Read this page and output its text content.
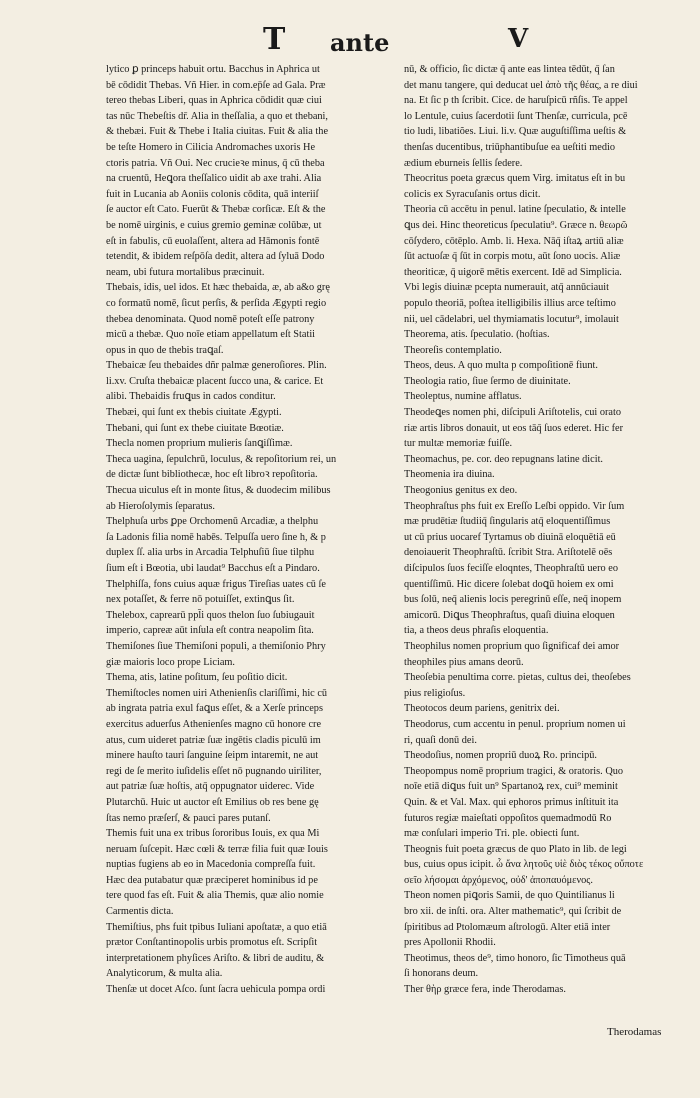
T ante	V
lytico ꝑ princeps habuit ortu. Bacchus in Aphrica ut
bē cōdidit Thebas. Vñ Hier. in com.ep̄ſe ad Gala. Præ
tereo thebas Liberi, quas in Aphrica cōdidit quæ ciui
tas nūc Thebeſtis dr̄. Alia in theſſalia, a quo et thebani,
& thebæi. Fuit & Thebe i Italia ciuitas. Fuit & alia the
be teſte Homero in Cilicia Andromaches uxoris He
ctoris patria. Vñ Oui. Nec crucieꝛe minus, q̄ cū theba
na cruentū, Heꝗora theſſalico uidit ab axe trahi. Alia
fuit in Lucania ab Aoniis colonis cōdita, quā interiiſ
ſe auctor eſt Cato. Fuerūt & Thebæ corſicæ. Eſt & the
be nomē uirginis, e cuius gremio geminæ colūbæ, ut
eſt in fabulis, cū euolaſſent, altera ad Hāmonis fontē
tetendit, & ibidem reſpōſa dedit, altera ad ſyluā Dodo
neam, ubi futura mortalibus præcinuit.
Thebais, idis, uel idos. Et hæc thebaida, æ, ab a&o grę
co formatū nomē, ſicut perſis, & perſida Ægypti regio
thebea denominata. Quod nomē poteſt eſſe patrony
micū a thebæ. Quo noīe etiam appellatum eſt Statii
opus in quo de thebis traꝗaſ.
Thebaicæ ſeu thebaides dñr palmæ generoſiores. Plin.
li.xv. Cruſta thebaicæ placent ſucco una, & carice. Et
alibi. Thebaidis fruꝗus in cados conditur.
Thebæi, qui ſunt ex thebis ciuitate Ægypti.
Thebani, qui ſunt ex thebe ciuitate Bœotiæ.
Thecla nomen proprium mulieris ſanꝗiſſimæ.
Theca uagina, ſepulchrū, loculus, & repoſitorium rei, un
de dictæ ſunt bibliothecæ, hoc eſt libroꝛ repoſitoria.
Thecua uiculus eſt in monte ſitus, & duodecim milibus
ab Hieroſolymis ſeparatus.
Thelphuſa urbs ꝑpe Orchomenū Arcadiæ, a thelphu
ſa Ladonis filia nomē habēs. Telpuſſa uero ſine h, & p
duplex ſſ. alia urbs in Arcadia Telphuſiū ſiue tilphu
ſium eſt i Bœotia, ubi laudat⁹ Bacchus eſt a Pindaro.
Thelphiſſa, fons cuius aquæ frigus Tireſias uates cū ſe
nex potaſſet, & ferre nō potuiſſet, extinꝗus ſit.
Thelebox, caprearū ppl̄i quos thelon ſuo ſubiugauit
imperio, capreæ aūt inſula eſt contra neapolim ſita.
Themiſones ſiue Themiſoni populi, a themiſonio Phry
giæ maioris loco prope Liciam.
Thema, atis, latine poſitum, ſeu poſitio dicit.
Themiſtocles nomen uiri Athenienſis clariſſimi, hic cū
ab ingrata patria exul faꝗus eſſet, & a Xerſe princeps
exercitus aduerſus Athenienſes magno cū honore cre
atus, cum uideret patriæ ſuæ ingētis cladis piculū im
minere hauſto tauri ſanguine ſeipm intaremit, ne aut
regi de ſe merito iuſidelis eſſet nō pugnando uiriliter,
aut patriæ ſuæ hoſtis, atq̄ oppugnator uiderec. Vide
Plutarchū. Huic ut auctor eſt Emilius ob res bene gę
ſtas nemo præſerſ, & pauci pares putanſ.
Themis fuit una ex tribus ſororibus Iouis, ex qua Mi
neruam ſuſcepit. Hæc cœli & terræ filia fuit quæ Iouis
nuptias fugiens ab eo in Macedonia compreſſa fuit.
Hæc dea putabatur quæ præciperet hominibus id pe
tere quod fas eſt. Fuit & alia Themis, quæ alio nomie
Carmentis dicta.
Themiſtius, phs fuit tpibus Iuliani apoſtatæ, a quo etiā
prætor Conſtantinopolis urbis promotus eſt. Scripſit
interpretationem phyſices Ariſto. & libri de auditu, &
Analyticorum, & multa alia.
Thenſæ ut docet Aſco. ſunt ſacra uehicula pompa ordi
nū, & officio, ſic dictæ q̄ ante eas lintea tēdūt, q̄ ſan
det manu tangere, qui deducat uel ἀπὸ τῆς θέας, a re diui
na. Et ſic p th ſcribit. Cice. de haruſpicū rñſis. Te appel
lo Lentule, cuius ſacerdotii ſunt Thenſæ, curricula, pcē
tio ludi, libatiões. Liui. li.v. Quæ auguſtiſſima ueſtis &
thenſas ducentibus, triūphantibuſue ea ueſtiti medio
ædium eburneis ſellis ſedere.
Theocritus poeta græcus quem Virg. imitatus eſt in bu
colicis ex Syracuſanis ortus dicit.
Theoria cū accētu in penul. latine ſpeculatio, & intelle
ꝗus dei. Hinc theoreticus ſpeculatiu⁹. Græce n. θεωρῶ
cōſydero, cōtēplo. Amb. li. Hexa. Nāq̄ iſtaꝝ artiū aliæ
ſūt actuoſæ q̄ ſūt in corpis motu, aūt ſono uocis. Aliæ
theoriticæ, q̄ uigorē mētis exercent. Idē ad Simplicia.
Vbi legis diuinæ pcepta numerauit, atq̄ annūciauit
populo theoriā, poſtea itelligibilis illius arce teſtimo
nii, uel cādelabri, uel thymiamatis locutur⁹, imolauit
Theorema, atis. ſpeculatio. (hoſtias.
Theoreſis contemplatio.
Theos, deus. A quo multa p compoſitionē fiunt.
Theologia ratio, ſiue ſermo de diuinitate.
Theoleptus, numine afflatus.
Theodeꝗes nomen phi, diſcipuli Ariſtotelis, cui orato
riæ artis libros donauit, ut eos tāq̄ ſuos ederet. Hic fer
tur multæ memoriæ fuiſſe.
Theomachus, pe. cor. deo repugnans latine dicit.
Theomenia ira diuina.
Theogonius genitus ex deo.
Theophraſtus phs fuit ex Ereſſo Leſbi oppido. Vir ſum
mæ prudētiæ ſtudiiq̄ ſingularis atq̄ eloquentiſſimus
ut cū prius uocaref Tyrtamus ob diuinā eloquētiā eū
denoiauerit Theophraſtū. ſcribit Stra. Ariſtotelē oēs
diſcipulos ſuos feciſſe eloqntes, Theophraſtū uero eo
quentiſſimū. Hic dicere ſolebat doꝗū hoiem ex omi
bus ſolū, neq̄ alienis locis peregrinū eſſe, neq̄ inopem
amicorū. Diꝗus Theophraſtus, quaſi diuina eloquen
tia, a theos deus phraſis eloquentia.
Theophilus nomen proprium quo ſignificaf dei amor
theophiles pius amans deorū.
Theoſebia penultima corre. pietas, cultus dei, theoſebes
pius religioſus.
Theotocos deum pariens, genitrix dei.
Theodorus, cum accentu in penul. proprium nomen ui
ri, quaſi donū dei.
Theodoſius, nomen propriū duoꝝ Ro. principū.
Theopompus nomē proprium tragici, & oratoris. Quo
noīe etiā diꝗus fuit un⁹ Spartanoꝝ rex, cui⁹ meminit
Quin. & et Val. Max. qui ephoros primus inſtituit ita
futuros regiæ maieſtati oppoſitos quemadmodū Ro
mæ conſulari imperio Tri. ple. obiecti ſunt.
Theognis fuit poeta græcus de quo Plato in lib. de legi
bus, cuius opus icipit. ὦ ἄνα λητοῦς υἱὲ διὸς τέκος οὔποτε
σεῖο λήσομαι ἀρχόμενος, οὐδ' ἀποπαυόμενος.
Theon nomen piꝗoris Samii, de quo Quintilianus li
bro xii. de inſti. ora. Alter mathematic⁹, qui ſcribit de
ſpiritibus ad Ptolomæum aſtrologū. Alter etiā inter
pres Apollonii Rhodii.
Theotimus, theos de⁹, timo honoro, ſic Timotheus quā
ſi honorans deum.
Ther θὴρ græce fera, inde Therodamas.
Therodamas
